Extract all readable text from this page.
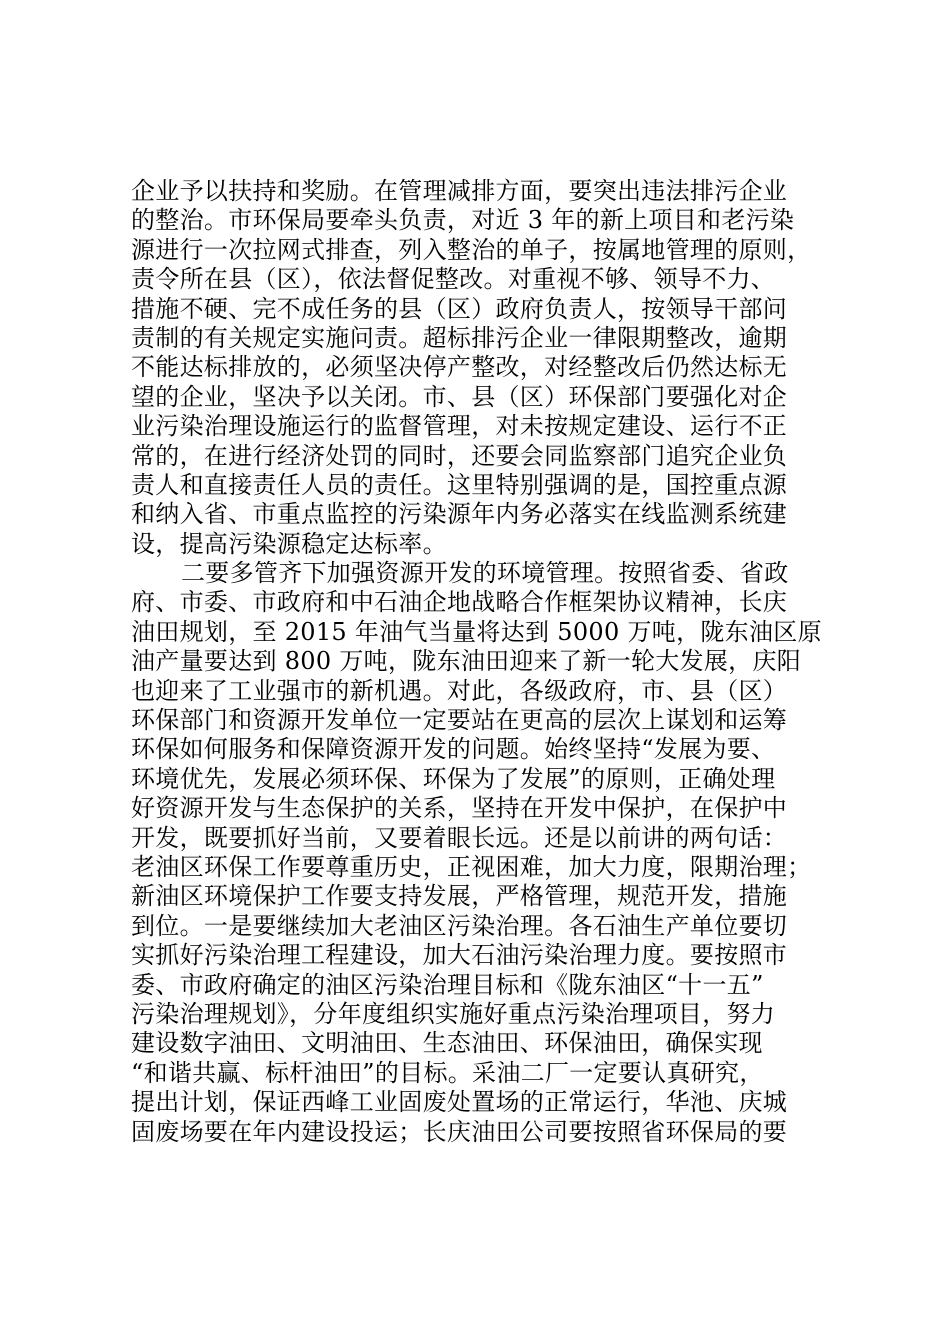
企业予以扶持和奖励。在管理减排方面，要突出违法排污企业
的整治。市环保局要牵头负责，对近 3 年的新上项目和老污染
源进行一次拉网式排查，列入整治的单子，按属地管理的原则，
责令所在县（区），依法督促整改。对重视不够、领导不力、
措施不硬、完不成任务的县（区）政府负责人，按领导干部问
责制的有关规定实施问责。超标排污企业一律限期整改，逾期
不能达标排放的，必须坚决停产整改，对经整改后仍然达标无
望的企业，坚决予以关闭。市、县（区）环保部门要强化对企
业污染治理设施运行的监督管理，对未按规定建设、运行不正
常的，在进行经济处罚的同时，还要会同监察部门追究企业负
责人和直接责任人员的责任。这里特别强调的是，国控重点源
和纳入省、市重点监控的污染源年内务必落实在线监测系统建
设，提高污染源稳定达标率。
二要多管齐下加强资源开发的环境管理。按照省委、省政
府、市委、市政府和中石油企地战略合作框架协议精神，长庆
油田规划，至 2015 年油气当量将达到 5000 万吨，陇东油区原
油产量要达到 800 万吨，陇东油田迎来了新一轮大发展，庆阳
也迎来了工业强市的新机遇。对此，各级政府，市、县（区）
环保部门和资源开发单位一定要站在更高的层次上谋划和运筹
环保如何服务和保障资源开发的问题。始终坚持“发展为要、
环境优先，发展必须环保、环保为了发展”的原则，正确处理
好资源开发与生态保护的关系，坚持在开发中保护，在保护中
开发，既要抓好当前，又要着眼长远。还是以前讲的两句话：
老油区环保工作要尊重历史，正视困难，加大力度，限期治理；
新油区环境保护工作要支持发展，严格管理，规范开发，措施
到位。一是要继续加大老油区污染治理。各石油生产单位要切
实抓好污染治理工程建设，加大石油污染治理力度。要按照市
委、市政府确定的油区污染治理目标和《陇东油区“十一五”
污染治理规划》，分年度组织实施好重点污染治理项目，努力
建设数字油田、文明油田、生态油田、环保油田，确保实现
“和谐共赢、标杆油田”的目标。采油二厂一定要认真研究，
提出计划，保证西峰工业固废处置场的正常运行，华池、庆城
固废场要在年内建设投运；长庆油田公司要按照省环保局的要
